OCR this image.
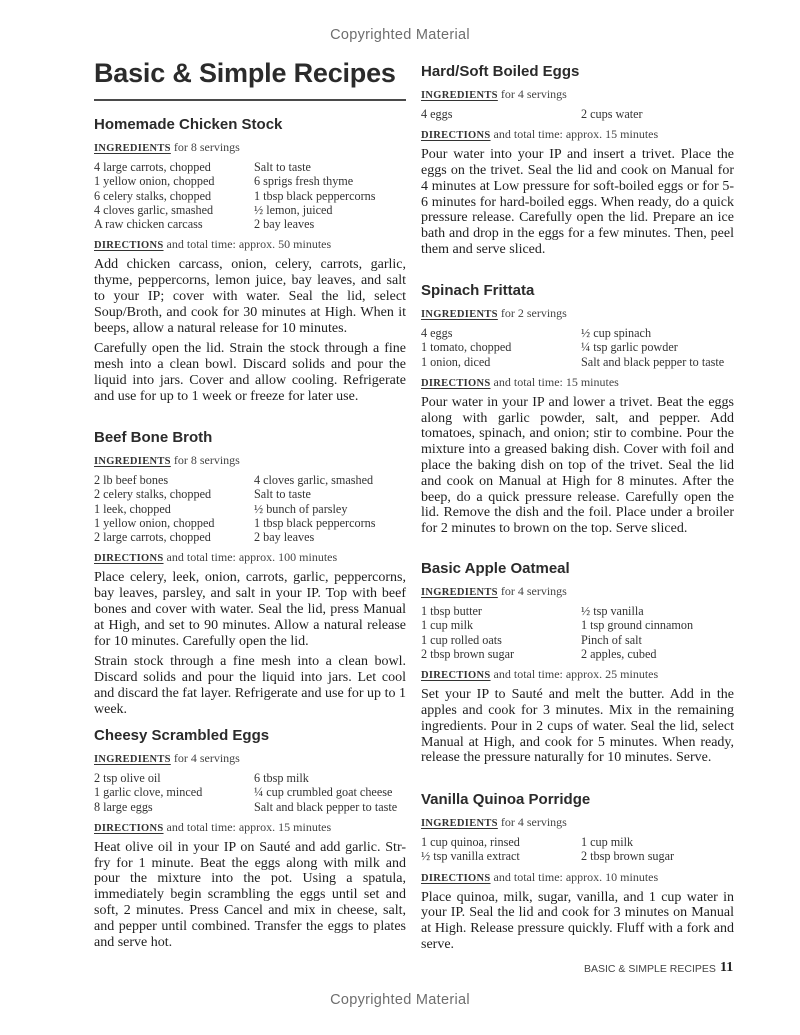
Copyrighted Material
Basic & Simple Recipes
Homemade Chicken Stock
INGREDIENTS for 8 servings
4 large carrots, chopped	Salt to taste
1 yellow onion, chopped	6 sprigs fresh thyme
6 celery stalks, chopped	1 tbsp black peppercorns
4 cloves garlic, smashed	½ lemon, juiced
A raw chicken carcass	2 bay leaves
DIRECTIONS and total time: approx. 50 minutes

Add chicken carcass, onion, celery, carrots, garlic, thyme, peppercorns, lemon juice, bay leaves, and salt to your IP; cover with water. Seal the lid, select Soup/Broth, and cook for 30 minutes at High. When it beeps, allow a natural release for 10 minutes.

Carefully open the lid. Strain the stock through a fine mesh into a clean bowl. Discard solids and pour the liquid into jars. Cover and allow cooling. Refrigerate and use for up to 1 week or freeze for later use.

Beef Bone Broth
INGREDIENTS for 8 servings
2 lb beef bones	4 cloves garlic, smashed
2 celery stalks, chopped	Salt to taste
1 leek, chopped	½ bunch of parsley
1 yellow onion, chopped	1 tbsp black peppercorns
2 large carrots, chopped	2 bay leaves
DIRECTIONS and total time: approx. 100 minutes

Place celery, leek, onion, carrots, garlic, peppercorns, bay leaves, parsley, and salt in your IP. Top with beef bones and cover with water. Seal the lid, press Manual at High, and set to 90 minutes. Allow a natural release for 10 minutes. Carefully open the lid.

Strain stock through a fine mesh into a clean bowl. Discard solids and pour the liquid into jars. Let cool and discard the fat layer. Refrigerate and use for up to 1 week.

Cheesy Scrambled Eggs
INGREDIENTS for 4 servings
2 tsp olive oil	6 tbsp milk
1 garlic clove, minced	¼ cup crumbled goat cheese
8 large eggs	Salt and black pepper to taste
DIRECTIONS and total time: approx. 15 minutes

Heat olive oil in your IP on Sauté and add garlic. Str-fry for 1 minute. Beat the eggs along with milk and pour the mixture into the pot. Using a spatula, immediately begin scrambling the eggs until set and soft, 2 minutes. Press Cancel and mix in cheese, salt, and pepper until combined. Transfer the eggs to plates and serve hot.

Hard/Soft Boiled Eggs
INGREDIENTS for 4 servings
4 eggs	2 cups water
DIRECTIONS and total time: approx. 15 minutes

Pour water into your IP and insert a trivet. Place the eggs on the trivet. Seal the lid and cook on Manual for 4 minutes at Low pressure for soft-boiled eggs or for 5-6 minutes for hard-boiled eggs. When ready, do a quick pressure release. Carefully open the lid. Prepare an ice bath and drop in the eggs for a few minutes. Then, peel them and serve sliced.

Spinach Frittata
INGREDIENTS for 2 servings
4 eggs	½ cup spinach
1 tomato, chopped	¼ tsp garlic powder
1 onion, diced	Salt and black pepper to taste
DIRECTIONS and total time: 15 minutes

Pour water in your IP and lower a trivet. Beat the eggs along with garlic powder, salt, and pepper. Add tomatoes, spinach, and onion; stir to combine. Pour the mixture into a greased baking dish. Cover with foil and place the baking dish on top of the trivet. Seal the lid and cook on Manual at High for 8 minutes. After the beep, do a quick pressure release. Carefully open the lid. Remove the dish and the foil. Place under a broiler for 2 minutes to brown on the top. Serve sliced.

Basic Apple Oatmeal
INGREDIENTS for 4 servings
1 tbsp butter	½ tsp vanilla
1 cup milk	1 tsp ground cinnamon
1 cup rolled oats	Pinch of salt
2 tbsp brown sugar	2 apples, cubed
DIRECTIONS and total time: approx. 25 minutes

Set your IP to Sauté and melt the butter. Add in the apples and cook for 3 minutes. Mix in the remaining ingredients. Pour in 2 cups of water. Seal the lid, select Manual at High, and cook for 5 minutes. When ready, release the pressure naturally for 10 minutes. Serve.

Vanilla Quinoa Porridge
INGREDIENTS for 4 servings
1 cup quinoa, rinsed	1 cup milk
½ tsp vanilla extract	2 tbsp brown sugar
DIRECTIONS and total time: approx. 10 minutes

Place quinoa, milk, sugar, vanilla, and 1 cup water in your IP. Seal the lid and cook for 3 minutes on Manual at High. Release pressure quickly. Fluff with a fork and serve.

BASIC & SIMPLE RECIPES 11
Copyrighted Material
